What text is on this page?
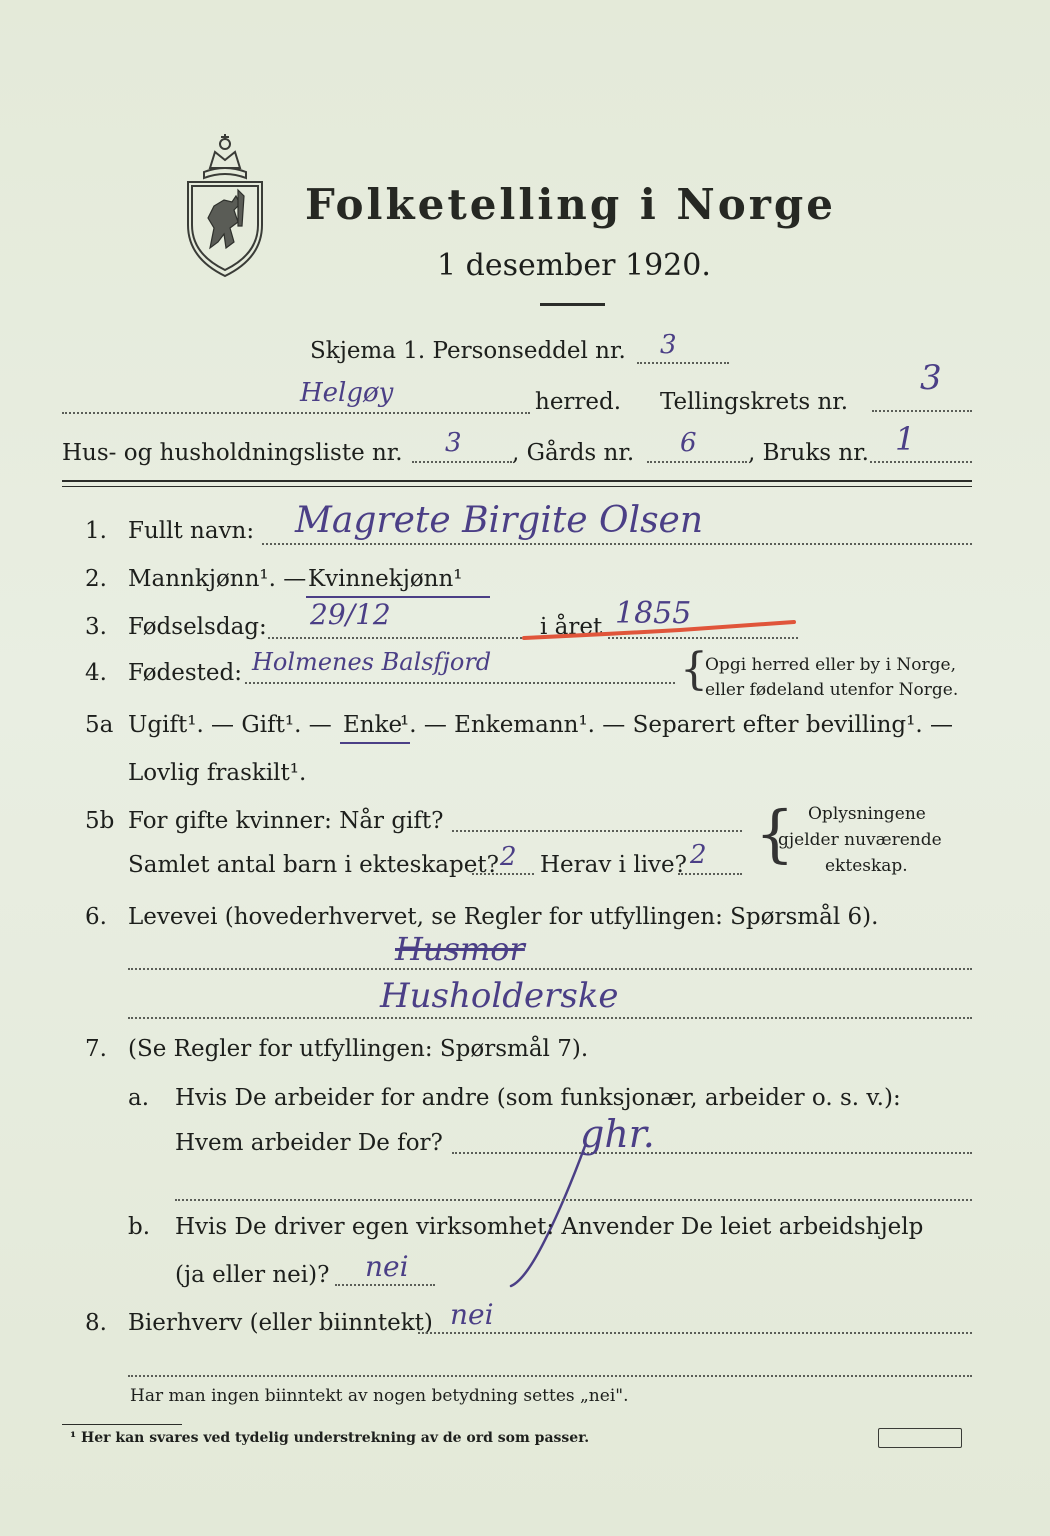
Folketelling i Norge
1 desember 1920.
Skjema 1. Personseddel nr. 3
Helgøy	herred. Tellingskrets nr.
3
Hus- og husholdningsliste nr. 3 , Gårds nr. 6 , Bruks nr. 1
1. Fullt navn: Magrete Birgite Olsen
2. Mannkjønn¹. — Kvinnekjønn¹
3. Fødselsdag: 29/12	i året 1855
4. Fødested: Holmenes Balsfjord	{
Opgi herred eller by i Norge,
eller fødeland utenfor Norge.
5a Ugift¹. — Gift¹. — Enke
¹. — Enkemann¹. — Separert efter bevilling¹. —
Lovlig fraskilt¹.
5b For gifte kvinner: Når gift?
Samlet antal barn i ekteskapet? 2 Herav i live? 2 { Oplysningene
gjelder nuværende
ekteskap.
6. Levevei (hovederhvervet, se Regler for utfyllingen: Spørsmål 6).
Husmor
Husholderske
7. (Se Regler for utfyllingen: Spørsmål 7).
a. Hvis De arbeider for andre (som funksjonær, arbeider o. s. v.):
Hvem arbeider De for?	ghr.
b. Hvis De driver egen virksomhet: Anvender De leiet arbeidshjelp
(ja eller nei)? nei
8. Bierhverv (eller biinntekt) nei
Har man ingen biinntekt av nogen betydning settes „nei".
¹ Her kan svares ved tydelig understrekning av de ord som passer.
